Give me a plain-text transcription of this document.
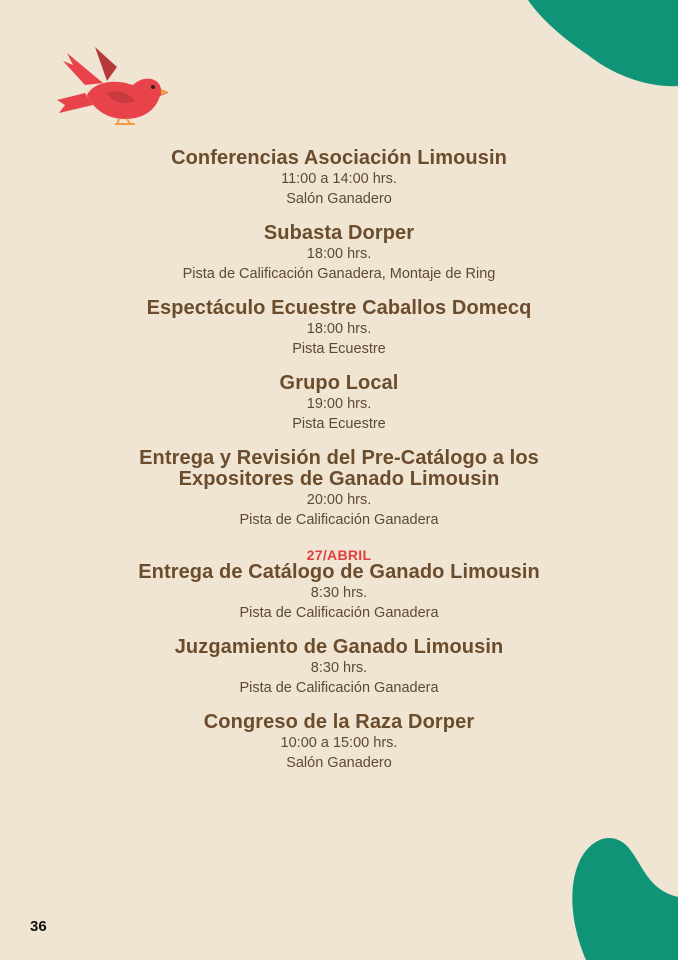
Conferencias Asociación Limousin
11:00 a 14:00 hrs.
Salón Ganadero
Subasta Dorper
18:00 hrs.
Pista de Calificación Ganadera, Montaje de Ring
Espectáculo Ecuestre Caballos Domecq
18:00 hrs.
Pista Ecuestre
Grupo Local
19:00 hrs.
Pista Ecuestre
Entrega y Revisión del Pre-Catálogo a los
Expositores de Ganado Limousin
20:00 hrs.
Pista de Calificación Ganadera
27/ABRIL
Entrega de Catálogo de Ganado Limousin
8:30 hrs.
Pista de Calificación Ganadera
Juzgamiento de Ganado Limousin
8:30 hrs.
Pista de Calificación Ganadera
Congreso de la Raza Dorper
10:00 a 15:00 hrs.
Salón Ganadero
36
